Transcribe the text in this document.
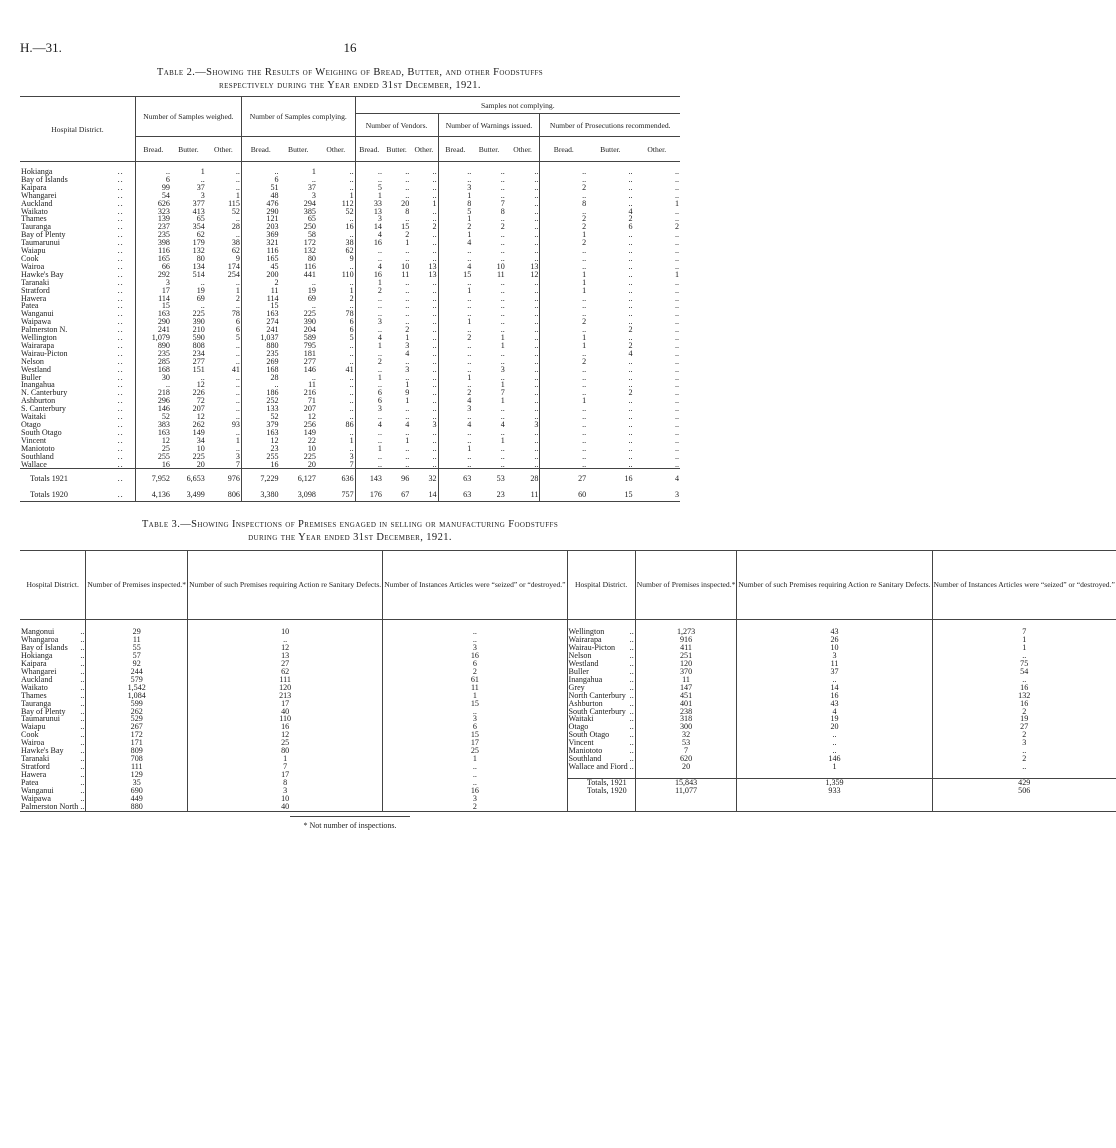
H.—31.	16
Table 2.—Showing the Results of Weighing of Bread, Butter, and other Foodstuffs
respectively during the Year ended 31st December, 1921.
Hospital District.		Number of Samples weighed.			Number of Samples complying.			Samples not complying.								
								Number of Vendors.			Number of Warnings issued.			Number of Prosecutions recommended.		
		Bread.	Butter.	Other.	Bread.	Butter.	Other.	Bread.	Butter.	Other.	Bread.	Butter.	Other.	Bread.	Butter.	Other.
Hokianga	..	..	1	..	..	1	..	..	..	..	..	..	..	..	..	..
Bay of Islands	..	6	..	..	6	..	..	..	..	..	..	..	..	..	..	..
Kaipara	..	99	37	..	51	37	..	5	..	..	3	..	..	2	..	..
Whangarei	..	54	3	1	48	3	1	1	..	..	1	..	..	..	..	..
Auckland	..	626	377	115	476	294	112	33	20	1	8	7	..	8	..	1
Waikato	..	323	413	52	290	385	52	13	8	..	5	8	..	..	4	..
Thames	..	139	65	..	121	65	..	3	..	..	1	..	..	2	2	..
Tauranga	..	237	354	28	203	250	16	14	15	2	2	2	..	2	6	2
Bay of Plenty	..	235	62	..	369	58	..	4	2	..	1	..	..	1	..	..
Taumarunui	..	398	179	38	321	172	38	16	1	..	4	..	..	2	..	..
Waiapu	..	116	132	62	116	132	62	..	..	..	..	..	..	..	..	..
Cook	..	165	80	9	165	80	9	..	..	..	..	..	..	..	..	..
Wairoa	..	66	134	174	45	116	..	4	10	13	4	10	13	..	..	..
Hawke's Bay	..	292	514	254	200	441	110	16	11	13	15	11	12	1	..	1
Taranaki	..	3	..	..	2	..	..	1	..	..	..	..	..	1	..	..
Stratford	..	17	19	1	11	19	1	2	..	..	1	..	..	1	..	..
Hawera	..	114	69	2	114	69	2	..	..	..	..	..	..	..	..	..
Patea	..	15	..	..	15	..	..	..	..	..	..	..	..	..	..	..
Wanganui	..	163	225	78	163	225	78	..	..	..	..	..	..	..	..	..
Waipawa	..	290	390	6	274	390	6	3	..	..	1	..	..	2	..	..
Palmerston N.	..	241	210	6	241	204	6	..	2	..	..	..	..	..	2	..
Wellington	..	1,079	590	5	1,037	589	5	4	1	..	2	1	..	1	..	..
Wairarapa	..	890	808	..	880	795	..	1	3	..	..	1	..	1	2	..
Wairau-Picton	..	235	234	..	235	181	..	..	4	..	..	..	..	..	4	..
Nelson	..	285	277	..	269	277	..	2	..	..	..	..	..	2	..	..
Westland	..	168	151	41	168	146	41	..	3	..	..	3	..	..	..	..
Buller	..	30	..	..	28	..	..	1	..	..	1	..	..	..	..	..
Inangahua	..	..	12	..	..	11	..	..	1	..	..	1	..	..	..	..
N. Canterbury	..	218	226	..	186	216	..	6	9	..	2	7	..	..	2	..
Ashburton	..	296	72	..	252	71	..	6	1	..	4	1	..	1	..	..
S. Canterbury	..	146	207	..	133	207	..	3	..	..	3	..	..	..	..	..
Waitaki	..	52	12	..	52	12	..	..	..	..	..	..	..	..	..	..
Otago	..	383	262	93	379	256	86	4	4	3	4	4	3	..	..	..
South Otago	..	163	149	..	163	149	..	..	..	..	..	..	..	..	..	..
Vincent	..	12	34	1	12	22	1	..	1	..	..	1	..	..	..	..
Maniototo	..	25	10	..	23	10	..	1	..	..	1	..	..	..	..	..
Southland	..	255	225	3	255	225	3	..	..	..	..	..	..	..	..	..
Wallace	..	16	20	7	16	20	7	..	..	..	..	..	..	..	..	..
Totals 1921	..	7,952	6,653	976	7,229	6,127	636	143	96	32	63	53	28	27	16	4
Totals 1920	..	4,136	3,499	806	3,380	3,098	757	176	67	14	63	23	11	60	15	3
Table 3.—Showing Inspections of Premises engaged in selling or manufacturing Foodstuffs
during the Year ended 31st December, 1921.
Hospital District.		Number of Premises inspected.*	Number of such Premises requiring Action re Sanitary Defects.	Number of Instances Articles were “seized” or “destroyed.”	Hospital District.		Number of Premises inspected.*	Number of such Premises requiring Action re Sanitary Defects.	Number of Instances Articles were “seized” or “destroyed.”
Mangonui	..	29	10	..	Wellington	..	1,273	43	7
Whangaroa	..	11	..	..	Wairarapa	..	916	26	1
Bay of Islands	..	55	12	3	Wairau-Picton	..	411	10	1
Hokianga	..	57	13	16	Nelson	..	251	3	..
Kaipara	..	92	27	6	Westland	..	120	11	75
Whangarei	..	244	62	2	Buller	..	370	37	54
Auckland	..	579	111	61	Inangahua	..	11	..	..
Waikato	..	1,542	120	11	Grey	..	147	14	16
Thames	..	1,084	213	1	North Canterbury	..	451	16	132
Tauranga	..	599	17	15	Ashburton	..	401	43	16
Bay of Plenty	..	262	40	..	South Canterbury	..	238	4	2
Taumarunui	..	529	110	3	Waitaki	..	318	19	19
Waiapu	..	267	16	6	Otago	..	300	20	27
Cook	..	172	12	15	South Otago	..	32	..	2
Wairoa	..	171	25	17	Vincent	..	53	..	3
Hawke's Bay	..	809	80	25	Maniototo	..	7	..	..
Taranaki	..	708	1	1	Southland	..	620	146	2
Stratford	..	111	7	..	Wallace and Fiord	..	20	1	..
Hawera	..	129	17	..					
Patea	..	35	8	..	Totals, 1921		15,843	1,359	429
Wanganui	..	690	3	16	Totals, 1920		11,077	933	506
Waipawa	..	449	10	3					
Palmerston North	..	880	40	2					
* Not number of inspections.
